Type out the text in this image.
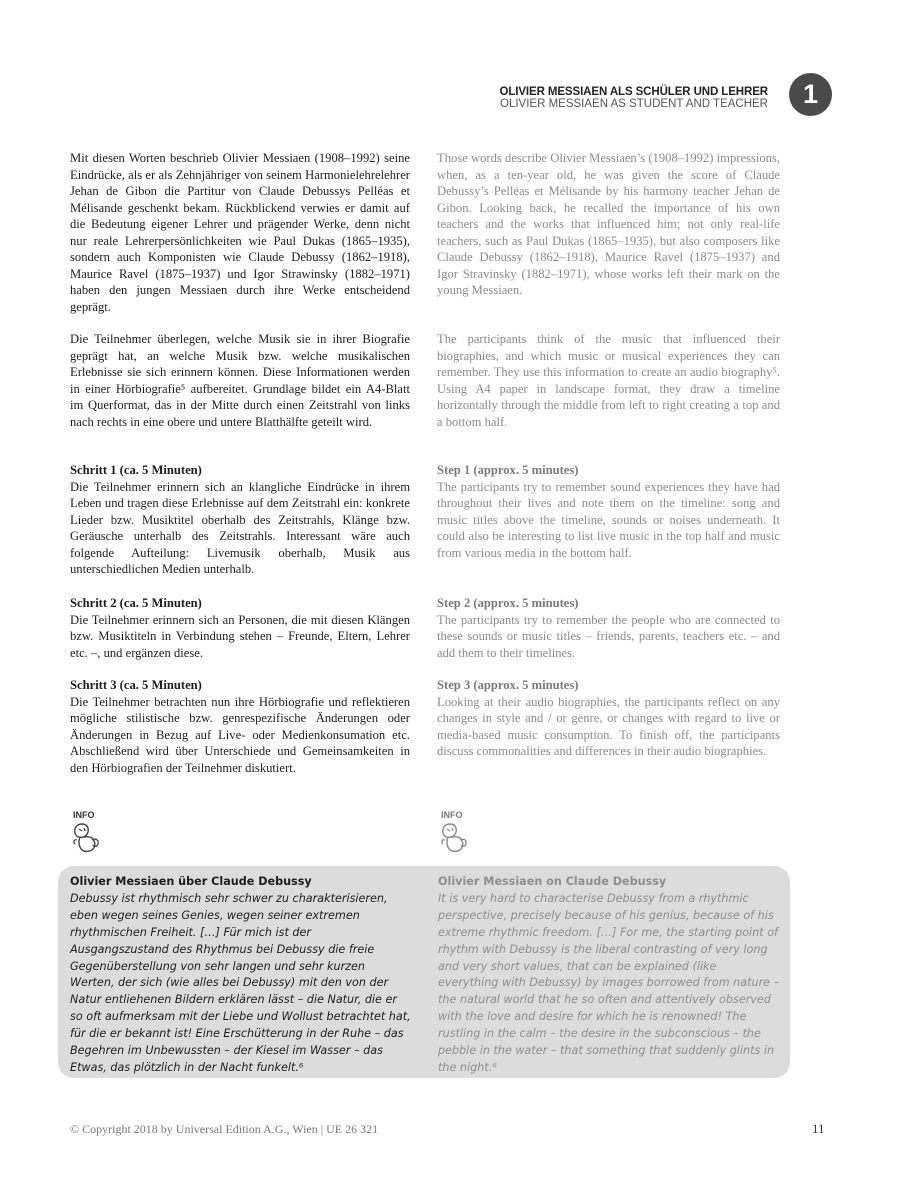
OLIVIER MESSIAEN ALS SCHÜLER UND LEHRER
OLIVIER MESSIAEN AS STUDENT AND TEACHER	1

Mit diesen Worten beschrieb Olivier Messiaen (1908–1992) seine Eindrücke, als er als Zehnjähriger von seinem Harmonielehrelehrer Jehan de Gibon die Partitur von Claude Debussys Pelléas et Mélisande geschenkt bekam. Rückblickend verwies er damit auf die Bedeutung eigener Lehrer und prägender Werke, denn nicht nur reale Lehrerpersönlichkeiten wie Paul Dukas (1865–1935), sondern auch Komponisten wie Claude Debussy (1862–1918), Maurice Ravel (1875–1937) und Igor Strawinsky (1882–1971) haben den jungen Messiaen durch ihre Werke entscheidend geprägt.

Die Teilnehmer überlegen, welche Musik sie in ihrer Biografie geprägt hat, an welche Musik bzw. welche musikalischen Erlebnisse sie sich erinnern können. Diese Informationen werden in einer Hörbiografie⁵ aufbereitet. Grundlage bildet ein A4-Blatt im Querformat, das in der Mitte durch einen Zeitstrahl von links nach rechts in eine obere und untere Blatthälfte geteilt wird.

Schritt 1 (ca. 5 Minuten)

Die Teilnehmer erinnern sich an klangliche Eindrücke in ihrem Leben und tragen diese Erlebnisse auf dem Zeitstrahl ein: konkrete Lieder bzw. Musiktitel oberhalb des Zeitstrahls, Klänge bzw. Geräusche unterhalb des Zeitstrahls. Interessant wäre auch folgende Aufteilung: Livemusik oberhalb, Musik aus unterschiedlichen Medien unterhalb.

Schritt 2 (ca. 5 Minuten)

Die Teilnehmer erinnern sich an Personen, die mit diesen Klängen bzw. Musiktiteln in Verbindung stehen – Freunde, Eltern, Lehrer etc. –, und ergänzen diese.

Schritt 3 (ca. 5 Minuten)

Die Teilnehmer betrachten nun ihre Hörbiografie und reflektieren mögliche stilistische bzw. genrespezifische Änderungen oder Änderungen in Bezug auf Live- oder Medienkonsumation etc. Abschließend wird über Unterschiede und Gemeinsamkeiten in den Hörbiografien der Teilnehmer diskutiert.

Those words describe Olivier Messiaen’s (1908–1992) impressions, when, as a ten-year old, he was given the score of Claude Debussy’s Pelléas et Mélisande by his harmony teacher Jehan de Gibon. Looking back, he recalled the importance of his own teachers and the works that influenced him; not only real-life teachers, such as Paul Dukas (1865–1935), but also composers like Claude Debussy (1862–1918), Maurice Ravel (1875–1937) and Igor Stravinsky (1882–1971), whose works left their mark on the young Messiaen.

The participants think of the music that influenced their biographies, and which music or musical experiences they can remember. They use this information to create an audio biography⁵. Using A4 paper in landscape format, they draw a timeline horizontally through the middle from left to right creating a top and a bottom half.

Step 1 (approx. 5 minutes)

The participants try to remember sound experiences they have had throughout their lives and note them on the timeline: song and music titles above the timeline, sounds or noises underneath. It could also be interesting to list live music in the top half and music from various media in the bottom half.

Step 2 (approx. 5 minutes)

The participants try to remember the people who are connected to these sounds or music titles – friends, parents, teachers etc. – and add them to their timelines.

Step 3 (approx. 5 minutes)

Looking at their audio biographies, the participants reflect on any changes in style and / or genre, or changes with regard to live or media-based music consumption. To finish off, the participants discuss commonalities and differences in their audio biographies.

INFO	INFO
Olivier Messiaen über Claude Debussy
Debussy ist rhythmisch sehr schwer zu charakterisieren, eben wegen seines Genies, wegen seiner extremen rhythmischen Freiheit. […] Für mich ist der Ausgangszustand des Rhythmus bei Debussy die freie Gegenüberstellung von sehr langen und sehr kurzen Werten, der sich (wie alles bei Debussy) mit den von der Natur entliehenen Bildern erklären lässt – die Natur, die er so oft aufmerksam mit der Liebe und Wollust betrachtet hat, für die er bekannt ist! Eine Erschütterung in der Ruhe – das Begehren im Unbewussten – der Kiesel im Wasser – das Etwas, das plötzlich in der Nacht funkelt.⁶
Olivier Messiaen on Claude Debussy
It is very hard to characterise Debussy from a rhythmic perspective, precisely because of his genius, because of his extreme rhythmic freedom. […] For me, the starting point of rhythm with Debussy is the liberal contrasting of very long and very short values, that can be explained (like everything with Debussy) by images borrowed from nature – the natural world that he so often and attentively observed with the love and desire for which he is renowned! The rustling in the calm – the desire in the subconscious – the pebble in the water – that something that suddenly glints in the night.⁶
© Copyright 2018 by Universal Edition A.G., Wien | UE 26 321	11
